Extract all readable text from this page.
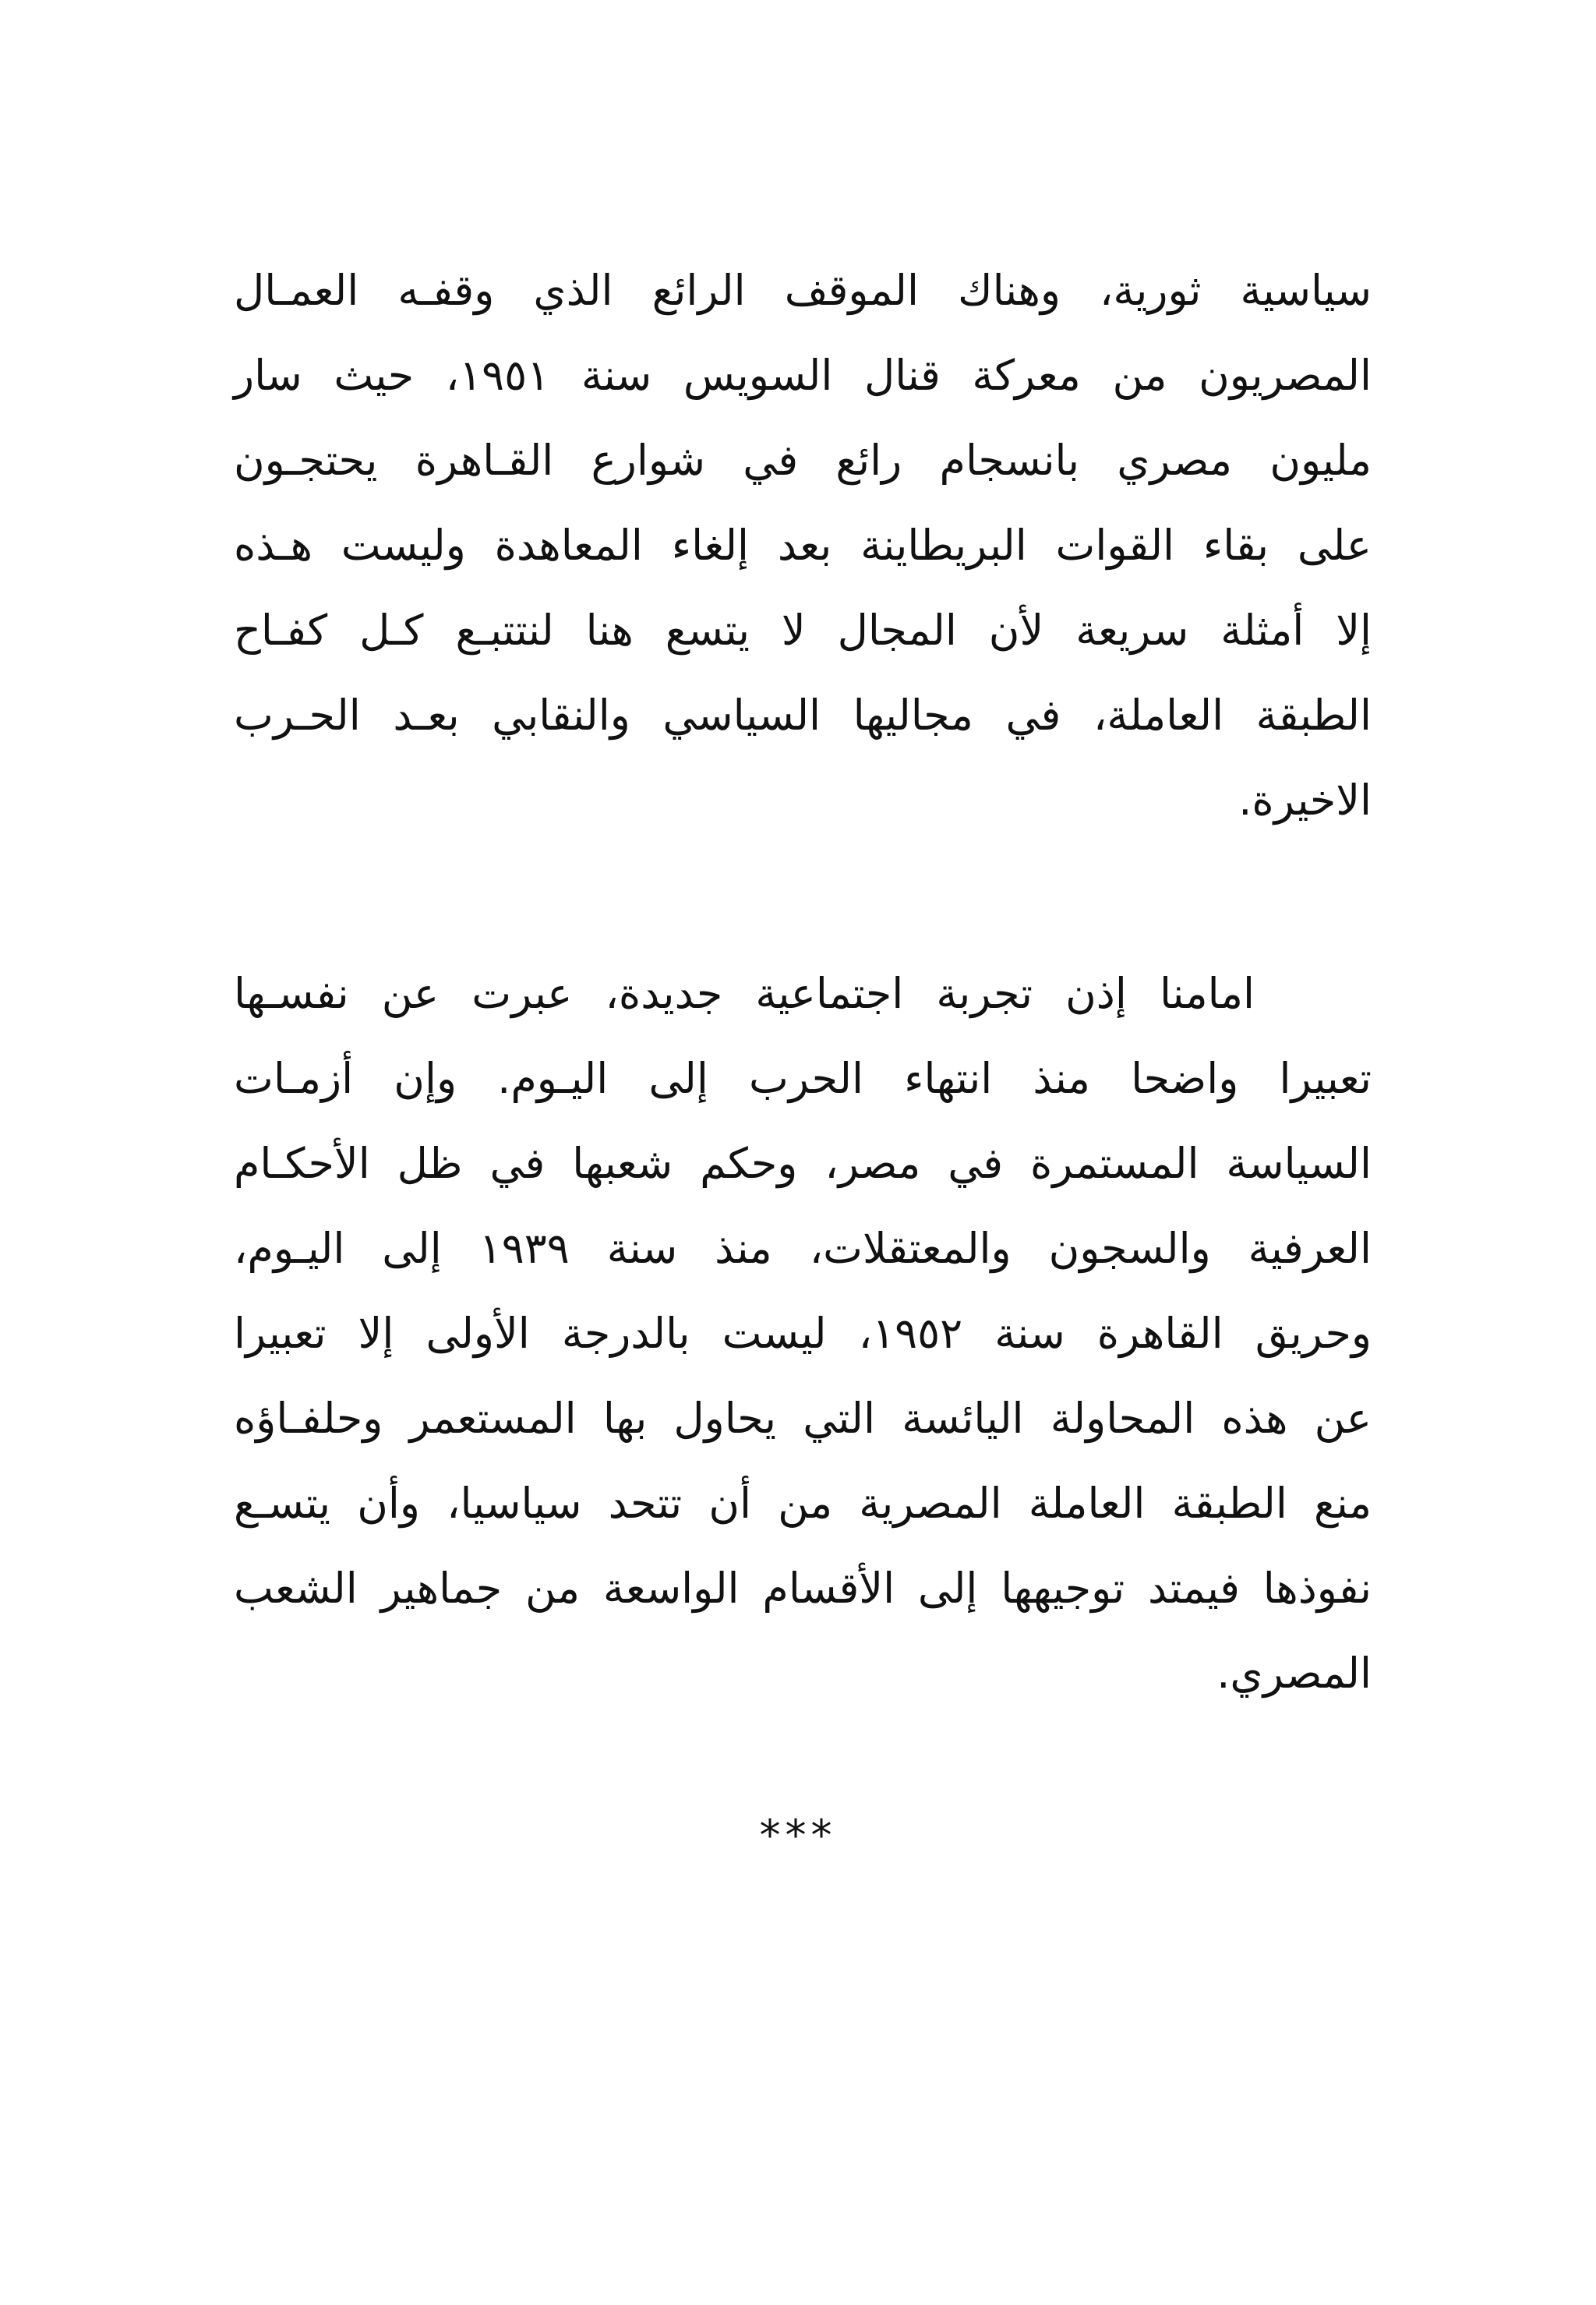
سياسية ثورية، وهناك الموقف الرائع الذي وقفـه العمـال
المصريون من معركة قنال السويس سنة ١٩٥١، حيث سار
مليون مصري بانسجام رائع في شوارع القـاهرة يحتجـون
على بقاء القوات البريطاينة بعد إلغاء المعاهدة وليست هـذه
إلا أمثلة سريعة لأن المجال لا يتسع هنا لنتتبـع كـل كفـاح
الطبقة العاملة، في مجاليها السياسي والنقابي بعـد الحـرب
الاخيرة.
امامنا إذن تجربة اجتماعية جديدة، عبرت عن نفسـها
تعبيرا واضحا منذ انتهاء الحرب إلى اليـوم. وإن أزمـات
السياسة المستمرة في مصر، وحكم شعبها في ظل الأحكـام
العرفية والسجون والمعتقلات، منذ سنة ١٩٣٩ إلى اليـوم،
وحريق القاهرة سنة ١٩٥٢، ليست بالدرجة الأولى إلا تعبيرا
عن هذه المحاولة اليائسة التي يحاول بها المستعمر وحلفـاؤه
منع الطبقة العاملة المصرية من أن تتحد سياسيا، وأن يتسـع
نفوذها فيمتد توجيهها إلى الأقسام الواسعة من جماهير الشعب
المصري.
***
